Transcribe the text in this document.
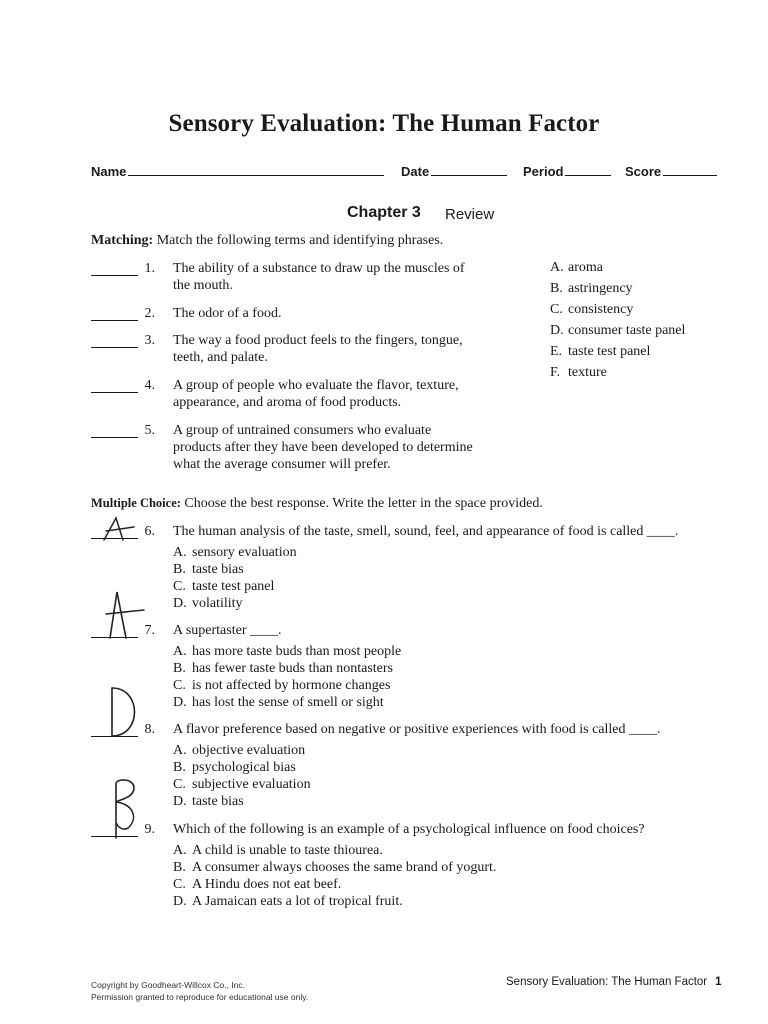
Sensory Evaluation: The Human Factor
Name	Date	Period	Score
Chapter 3 Review
Matching: Match the following terms and identifying phrases.
1. The ability of a substance to draw up the muscles of
the mouth.
2. The odor of a food.
3. The way a food product feels to the fingers, tongue,
teeth, and palate.
4. A group of people who evaluate the flavor, texture,
appearance, and aroma of food products.
5. A group of untrained consumers who evaluate
products after they have been developed to determine
what the average consumer will prefer.
A. aroma
B. astringency
C. consistency
D. consumer taste panel
E. taste test panel
F. texture
Multiple Choice: Choose the best response. Write the letter in the space provided.
6. The human analysis of the taste, smell, sound, feel, and appearance of food is called ____.
A. sensory evaluation
B. taste bias
C. taste test panel
D. volatility
7. A supertaster ____.
A. has more taste buds than most people
B. has fewer taste buds than nontasters
C. is not affected by hormone changes
D. has lost the sense of smell or sight
8. A flavor preference based on negative or positive experiences with food is called ____.
A. objective evaluation
B. psychological bias
C. subjective evaluation
D. taste bias
9. Which of the following is an example of a psychological influence on food choices?
A. A child is unable to taste thiourea.
B. A consumer always chooses the same brand of yogurt.
C. A Hindu does not eat beef.
D. A Jamaican eats a lot of tropical fruit.
Copyright by Goodheart-Willcox Co., Inc.
Permission granted to reproduce for educational use only.
Sensory Evaluation: The Human Factor 1
